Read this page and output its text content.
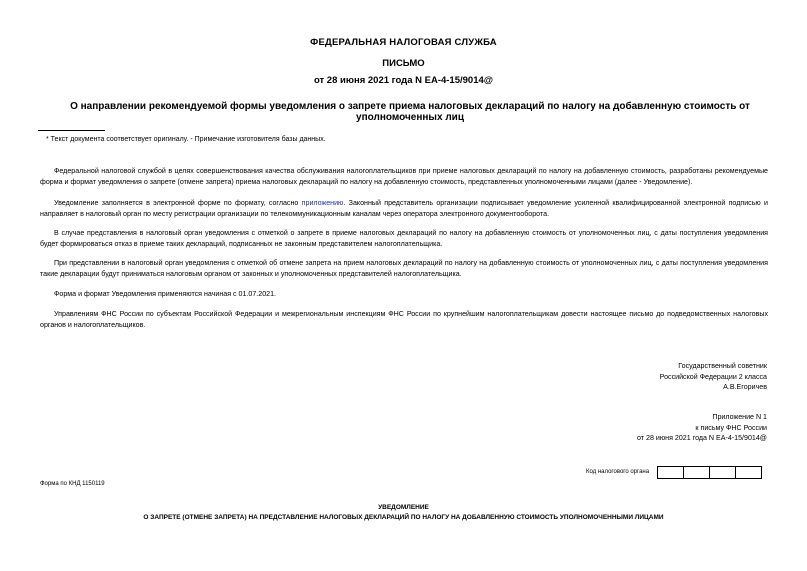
ФЕДЕРАЛЬНАЯ НАЛОГОВАЯ СЛУЖБА
ПИСЬМО
от 28 июня 2021 года N ЕА-4-15/9014@
О направлении рекомендуемой формы уведомления о запрете приема налоговых деклараций по налогу на добавленную стоимость от уполномоченных лиц
* Текст документа соответствует оригиналу. - Примечание изготовителя базы данных.
Федеральной налоговой службой в целях совершенствования качества обслуживания налогоплательщиков при приеме налоговых деклараций по налогу на добавленную стоимость, разработаны рекомендуемые форма и формат уведомления о запрете (отмене запрета) приема налоговых деклараций по налогу на добавленную стоимость, представленных уполномоченными лицами (далее - Уведомление).
Уведомление заполняется в электронной форме по формату, согласно приложению. Законный представитель организации подписывает уведомление усиленной квалифицированной электронной подписью и направляет в налоговый орган по месту регистрации организации по телекоммуникационным каналам через оператора электронного документооборота.
В случае представления в налоговый орган уведомления с отметкой о запрете в приеме налоговых деклараций по налогу на добавленную стоимость от уполномоченных лиц, с даты поступления уведомления будет формироваться отказ в приеме таких деклараций, подписанных не законным представителем налогоплательщика.
При представлении в налоговый орган уведомления с отметкой об отмене запрета на прием налоговых деклараций по налогу на добавленную стоимость от уполномоченных лиц, с даты поступления уведомления такие декларации будут приниматься налоговым органом от законных и уполномоченных представителей налогоплательщика.
Форма и формат Уведомления применяются начиная с 01.07.2021.
Управлениям ФНС России по субъектам Российской Федерации и межрегиональным инспекциям ФНС России по крупнейшим налогоплательщикам довести настоящее письмо до подведомственных налоговых органов и налогоплательщиков.
Государственный советник
Российской Федерации 2 класса
А.В.Егоричев
Приложение N 1
к письму ФНС России
от 28 июня 2021 года N ЕА-4-15/9014@
Код налогового органа
Форма по КНД 1150119
УВЕДОМЛЕНИЕ
О ЗАПРЕТЕ (ОТМЕНЕ ЗАПРЕТА) НА ПРЕДСТАВЛЕНИЕ НАЛОГОВЫХ ДЕКЛАРАЦИЙ ПО НАЛОГУ НА ДОБАВЛЕННУЮ СТОИМОСТЬ УПОЛНОМОЧЕННЫМИ ЛИЦАМИ
